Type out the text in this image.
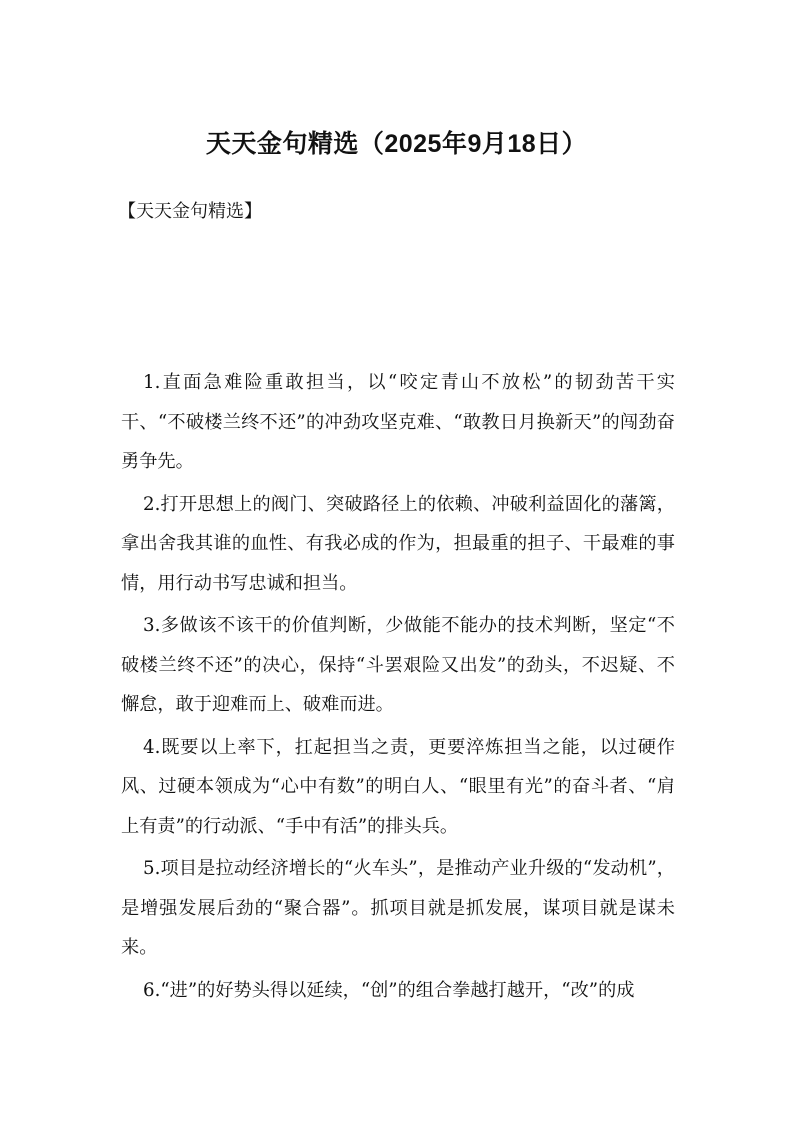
天天金句精选（2025年9月18日）

【天天金句精选】

1.直面急难险重敢担当，以“咬定青山不放松”的韧劲苦干实干、“不破楼兰终不还”的冲劲攻坚克难、“敢教日月换新天”的闯劲奋勇争先。

2.打开思想上的阀门、突破路径上的依赖、冲破利益固化的藩篱，拿出舍我其谁的血性、有我必成的作为，担最重的担子、干最难的事情，用行动书写忠诚和担当。

3.多做该不该干的价值判断，少做能不能办的技术判断，坚定“不破楼兰终不还”的决心，保持“斗罢艰险又出发”的劲头，不迟疑、不懈怠，敢于迎难而上、破难而进。

4.既要以上率下，扛起担当之责，更要淬炼担当之能，以过硬作风、过硬本领成为“心中有数”的明白人、“眼里有光”的奋斗者、“肩上有责”的行动派、“手中有活”的排头兵。

5.项目是拉动经济增长的“火车头”，是推动产业升级的“发动机”，是增强发展后劲的“聚合器”。抓项目就是抓发展，谋项目就是谋未来。

6.“进”的好势头得以延续，“创”的组合拳越打越开，“改”的成
